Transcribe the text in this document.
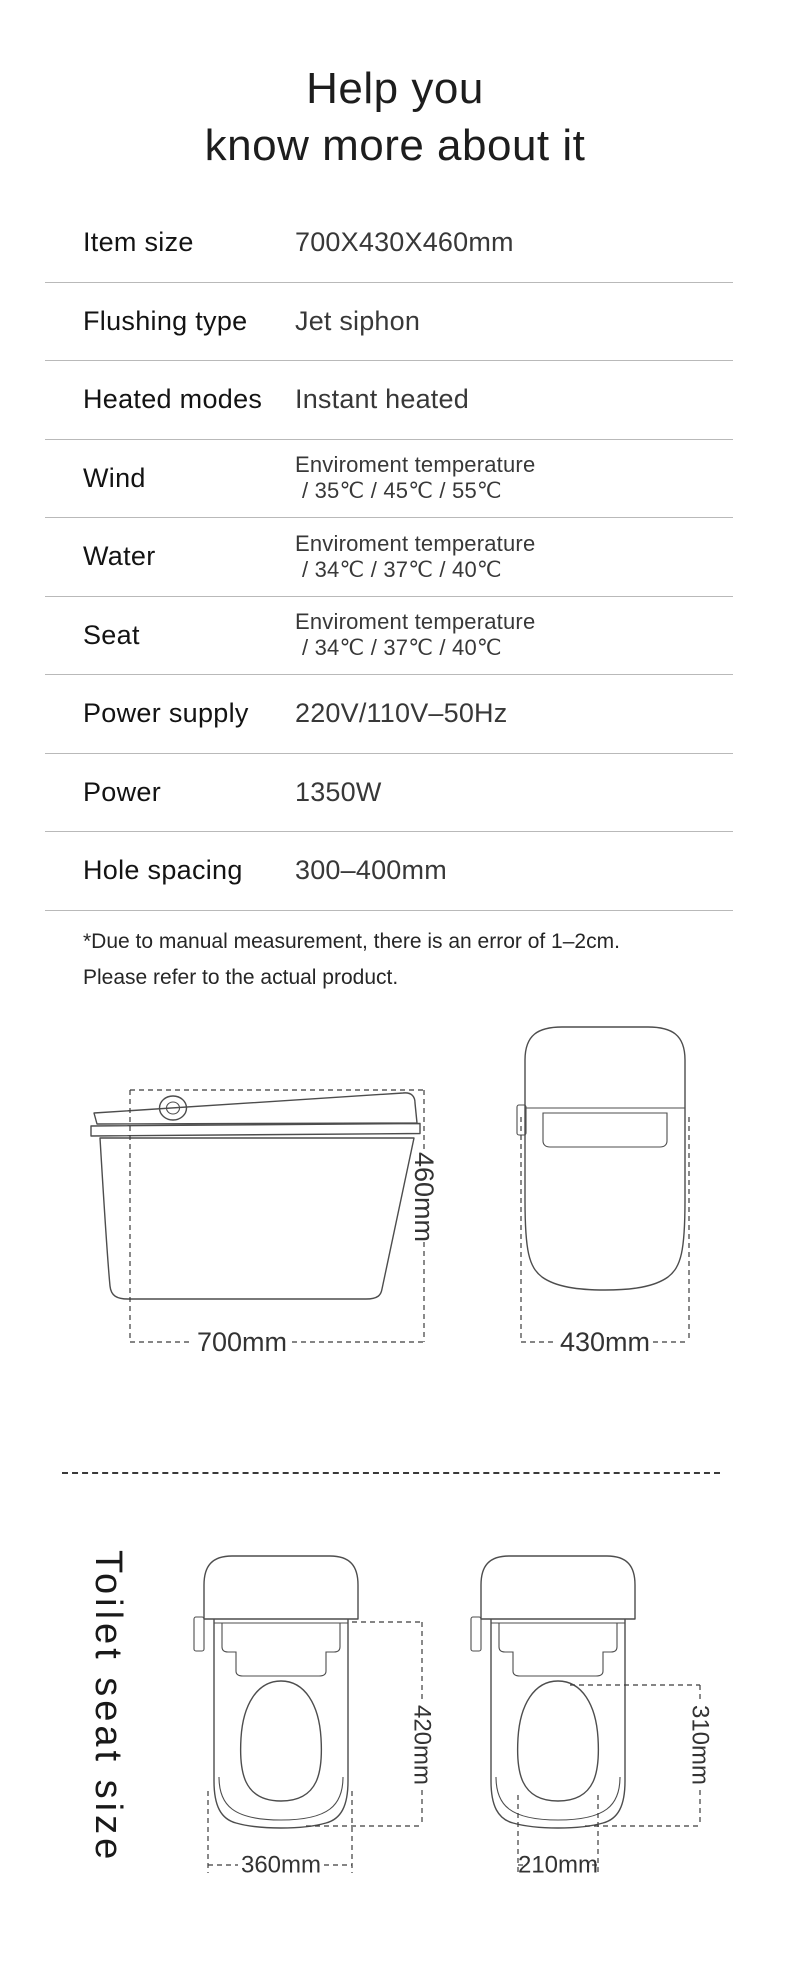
Help you
know more about it
Item size	700X430X460mm
Flushing type	Jet siphon
Heated modes	Instant heated
Wind	Enviroment temperature
/ 35℃ / 45℃ / 55℃
Water	Enviroment temperature
/ 34℃ / 37℃ / 40℃
Seat	Enviroment temperature
/ 34℃ / 37℃ / 40℃
Power supply	220V/110V–50Hz
Power	1350W
Hole spacing	300–400mm
*Due to manual measurement, there is an error of 1–2cm.
Please refer to the actual product.
460mm
700mm	430mm
Toilet seat size	420mm
360mm
310mm
210mm
